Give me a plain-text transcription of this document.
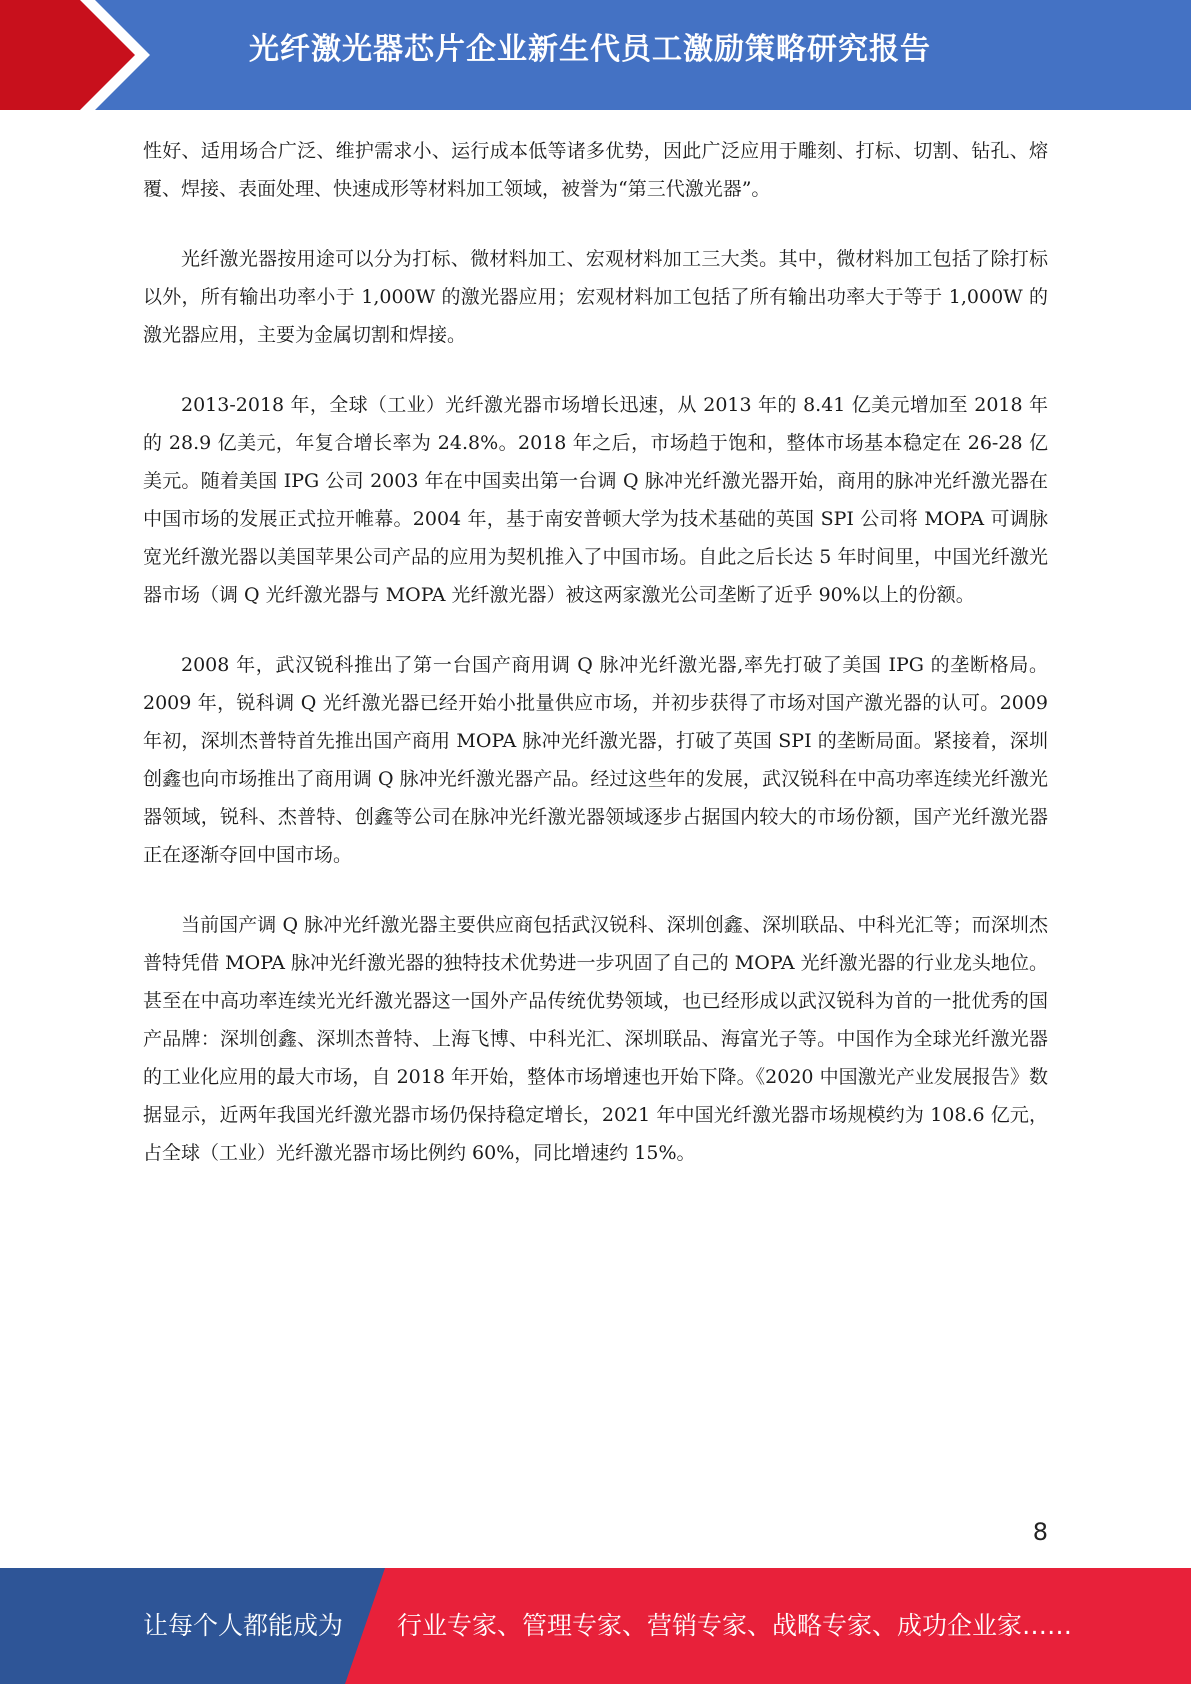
光纤激光器芯片企业新生代员工激励策略研究报告

性好、适用场合广泛、维护需求小、运行成本低等诸多优势，因此广泛应用于雕刻、打标、切割、钻孔、熔覆、焊接、表面处理、快速成形等材料加工领域，被誉为“第三代激光器”。

光纤激光器按用途可以分为打标、微材料加工、宏观材料加工三大类。其中，微材料加工包括了除打标以外，所有输出功率小于 1,000W 的激光器应用；宏观材料加工包括了所有输出功率大于等于 1,000W 的激光器应用，主要为金属切割和焊接。

2013-2018 年，全球（工业）光纤激光器市场增长迅速，从 2013 年的 8.41 亿美元增加至 2018 年的 28.9 亿美元，年复合增长率为 24.8%。2018 年之后，市场趋于饱和，整体市场基本稳定在 26-28 亿美元。随着美国 IPG 公司 2003 年在中国卖出第一台调 Q 脉冲光纤激光器开始，商用的脉冲光纤激光器在中国市场的发展正式拉开帷幕。2004 年，基于南安普顿大学为技术基础的英国 SPI 公司将 MOPA 可调脉宽光纤激光器以美国苹果公司产品的应用为契机推入了中国市场。自此之后长达 5 年时间里，中国光纤激光器市场（调 Q 光纤激光器与 MOPA 光纤激光器）被这两家激光公司垄断了近乎 90%以上的份额。

2008 年，武汉锐科推出了第一台国产商用调 Q 脉冲光纤激光器,率先打破了美国 IPG 的垄断格局。2009 年，锐科调 Q 光纤激光器已经开始小批量供应市场，并初步获得了市场对国产激光器的认可。2009 年初，深圳杰普特首先推出国产商用 MOPA 脉冲光纤激光器，打破了英国 SPI 的垄断局面。紧接着，深圳创鑫也向市场推出了商用调 Q 脉冲光纤激光器产品。经过这些年的发展，武汉锐科在中高功率连续光纤激光器领域，锐科、杰普特、创鑫等公司在脉冲光纤激光器领域逐步占据国内较大的市场份额，国产光纤激光器正在逐渐夺回中国市场。

当前国产调 Q 脉冲光纤激光器主要供应商包括武汉锐科、深圳创鑫、深圳联品、中科光汇等；而深圳杰普特凭借 MOPA 脉冲光纤激光器的独特技术优势进一步巩固了自己的 MOPA 光纤激光器的行业龙头地位。甚至在中高功率连续光光纤激光器这一国外产品传统优势领域，也已经形成以武汉锐科为首的一批优秀的国产品牌：深圳创鑫、深圳杰普特、上海飞博、中科光汇、深圳联品、海富光子等。中国作为全球光纤激光器的工业化应用的最大市场，自 2018 年开始，整体市场增速也开始下降。《2020 中国激光产业发展报告》数据显示，近两年我国光纤激光器市场仍保持稳定增长，2021 年中国光纤激光器市场规模约为 108.6 亿元，占全球（工业）光纤激光器市场比例约 60%，同比增速约 15%。

8
让每个人都能成为 行业专家、管理专家、营销专家、战略专家、成功企业家……
